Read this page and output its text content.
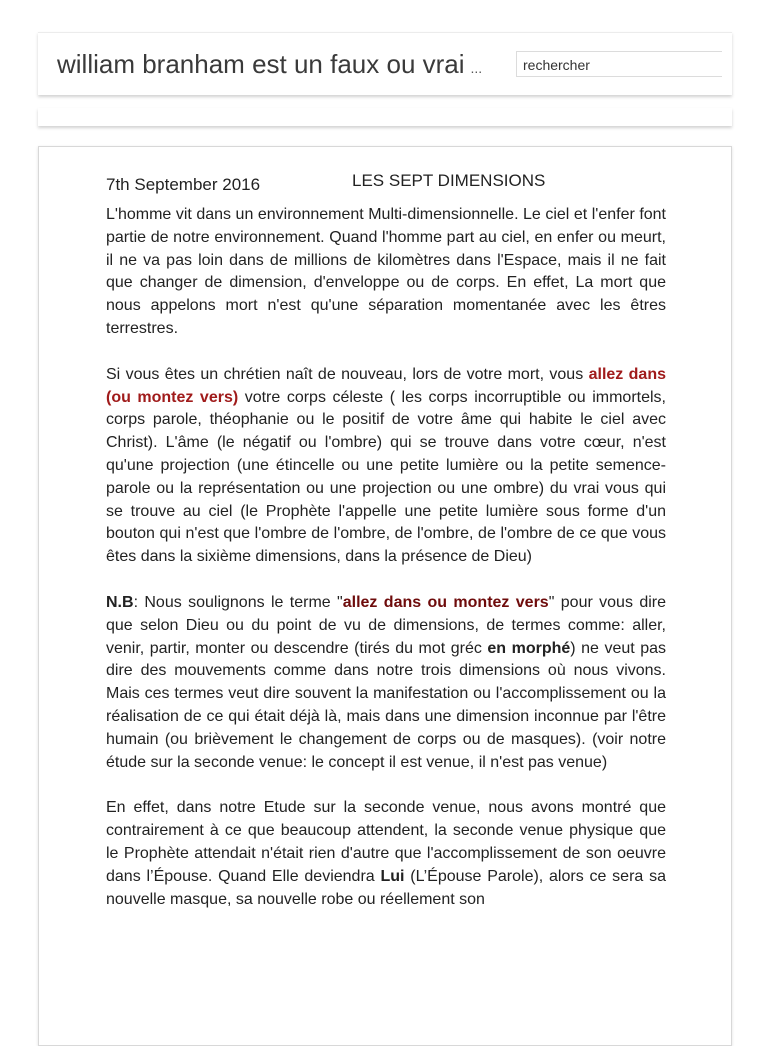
william branham est un faux ou vrai ...
rechercher
7th September 2016	LES SEPT DIMENSIONS

L'homme vit dans un environnement Multi-dimensionnelle. Le ciel et l'enfer font partie de notre environnement. Quand l'homme part au ciel, en enfer ou meurt, il ne va pas loin dans de millions de kilomètres dans l'Espace, mais il ne fait que changer de dimension, d'enveloppe ou de corps. En effet, La mort que nous appelons mort n'est qu'une séparation momentanée avec les êtres terrestres.

Si vous êtes un chrétien naît de nouveau, lors de votre mort, vous allez dans (ou montez vers) votre corps céleste ( les corps incorruptible ou immortels, corps parole, théophanie ou le positif de votre âme qui habite le ciel avec Christ). L'âme (le négatif ou l'ombre) qui se trouve dans votre cœur, n'est qu'une projection (une étincelle ou une petite lumière ou la petite semence-parole ou la représentation ou une projection ou une ombre) du vrai vous qui se trouve au ciel (le Prophète l'appelle une petite lumière sous forme d'un bouton qui n'est que l'ombre de l'ombre, de l'ombre, de l'ombre de ce que vous êtes dans la sixième dimensions, dans la présence de Dieu)

N.B: Nous soulignons le terme "allez dans ou montez vers" pour vous dire que selon Dieu ou du point de vu de dimensions, de termes comme: aller, venir, partir, monter ou descendre (tirés du mot gréc en morphé) ne veut pas dire des mouvements comme dans notre trois dimensions où nous vivons. Mais ces termes veut dire souvent la manifestation ou l'accomplissement ou la réalisation de ce qui était déjà là, mais dans une dimension inconnue par l'être humain (ou brièvement le changement de corps ou de masques). (voir notre étude sur la seconde venue: le concept il est venue, il n'est pas venue)

En effet, dans notre Etude sur la seconde venue, nous avons montré que contrairement à ce que beaucoup attendent, la seconde venue physique que le Prophète attendait n'était rien d'autre que l'accomplissement de son oeuvre dans l’Épouse. Quand Elle deviendra Lui (L’Épouse Parole), alors ce sera sa nouvelle masque, sa nouvelle robe ou réellement son
